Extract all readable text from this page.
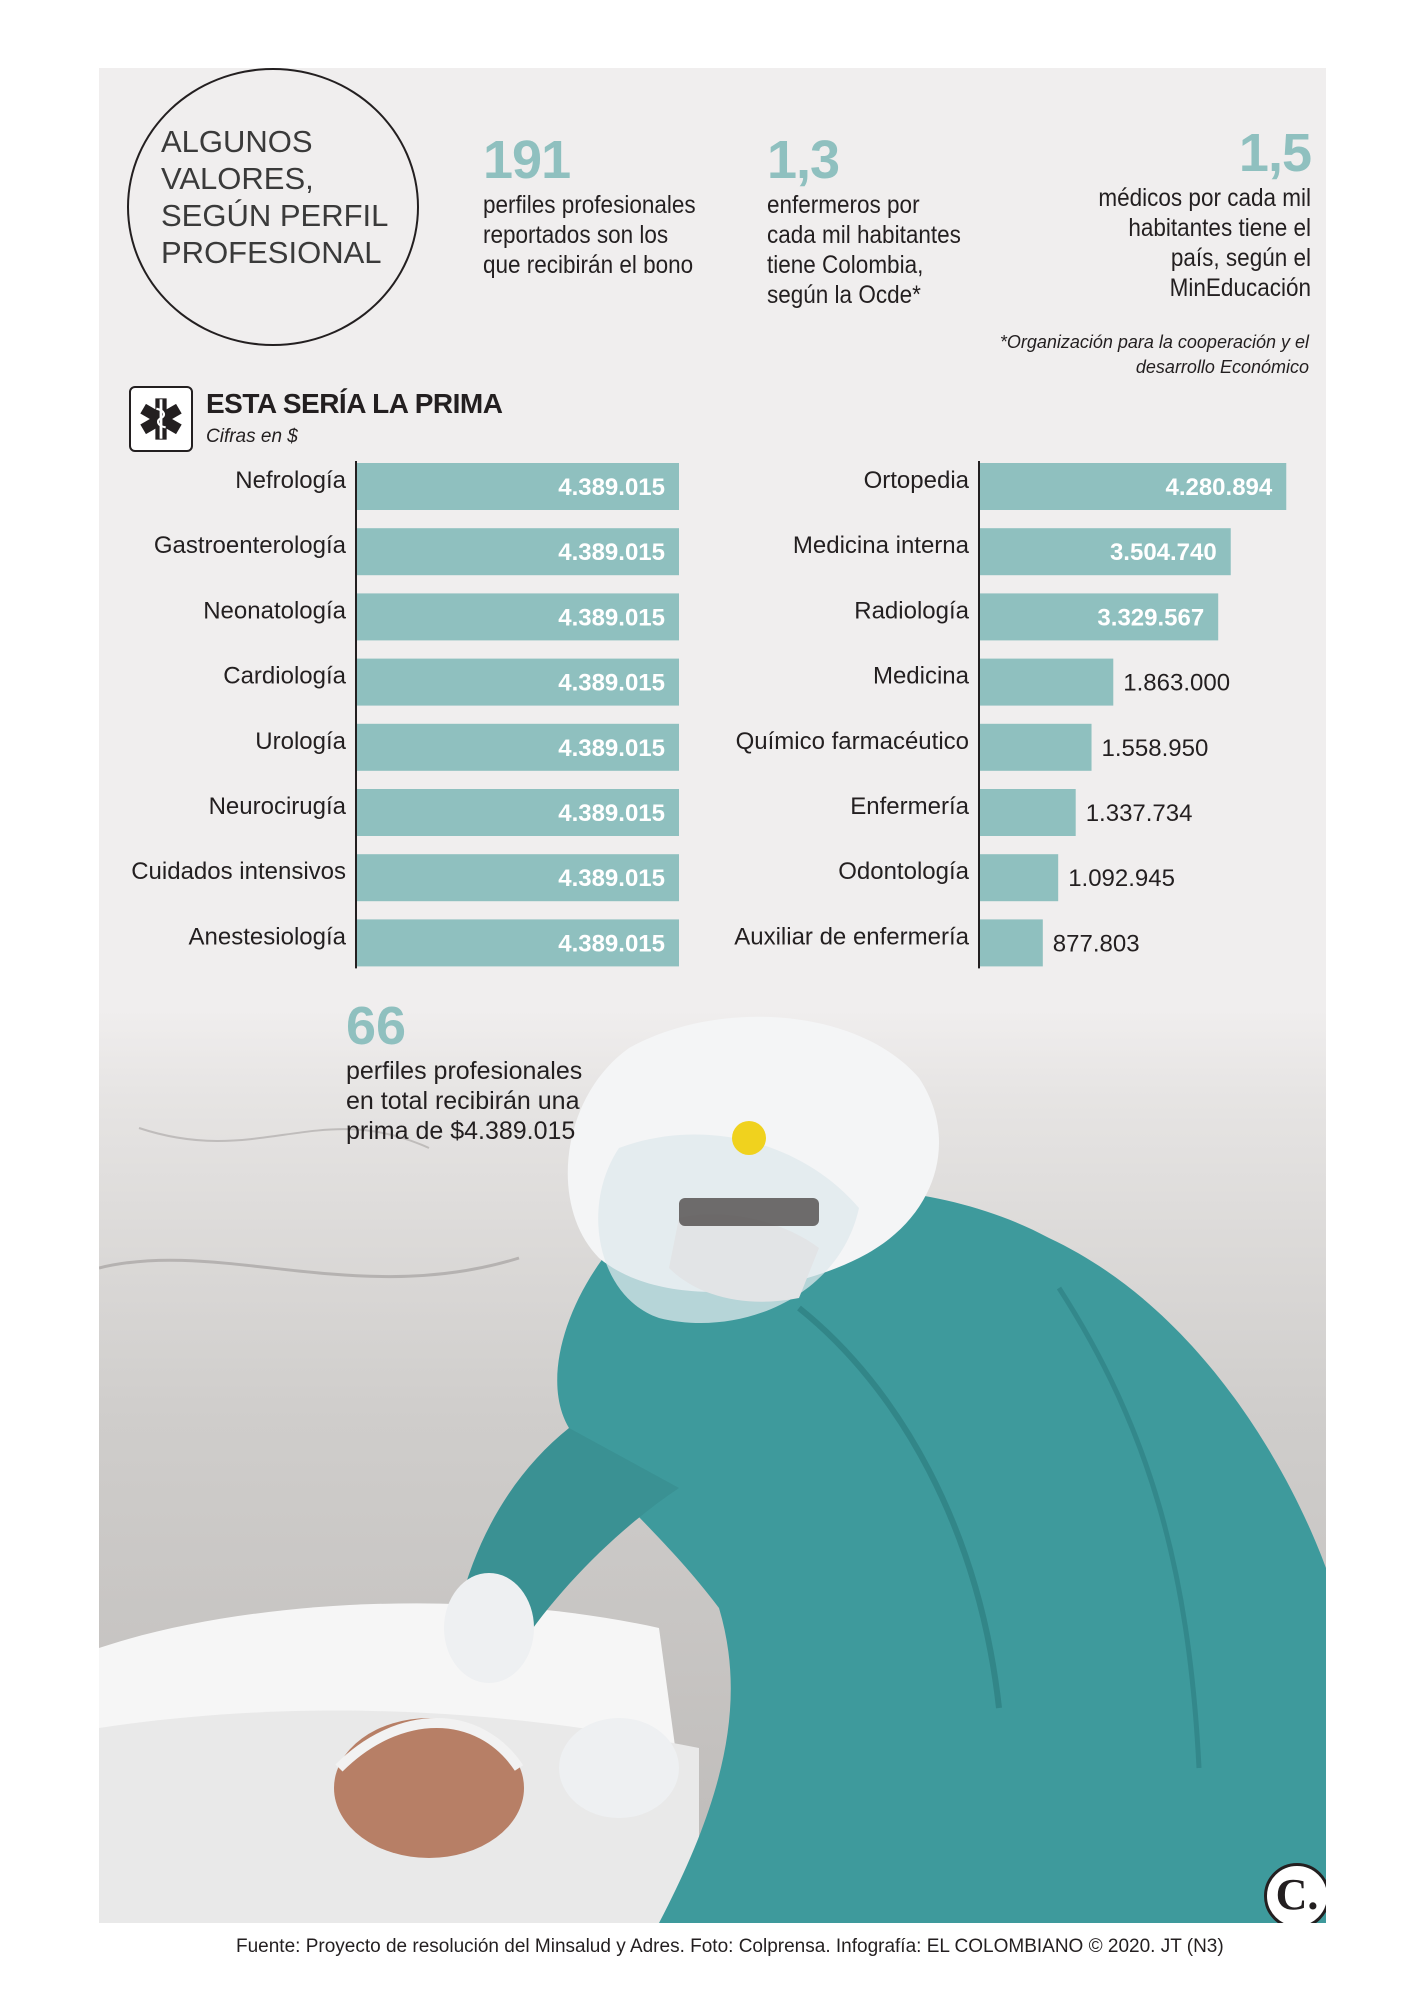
ALGUNOS VALORES, SEGÚN PERFIL PROFESIONAL
191
perfiles profesionales reportados son los que recibirán el bono
1,3
enfermeros por cada mil habitantes tiene Colombia, según la Ocde*
1,5
médicos por cada mil habitantes tiene el país, según el MinEducación
*Organización para la cooperación y el desarrollo Económico
ESTA SERÍA LA PRIMA
Cifras en $
Nefrología	4.389.015
Gastroenterología	4.389.015
Neonatología	4.389.015
Cardiología	4.389.015
Urología	4.389.015
Neurocirugía	4.389.015
Cuidados intensivos	4.389.015
Anestesiología	4.389.015
Ortopedia	4.280.894
Medicina interna	3.504.740
Radiología	3.329.567
Medicina	1.863.000
Químico farmacéutico	1.558.950
Enfermería	1.337.734
Odontología	1.092.945
Auxiliar de enfermería	877.803
66
perfiles profesionales en total recibirán una prima de $4.389.015
C.
Fuente: Proyecto de resolución del Minsalud y Adres. Foto: Colprensa. Infografía: EL COLOMBIANO © 2020. JT (N3)
